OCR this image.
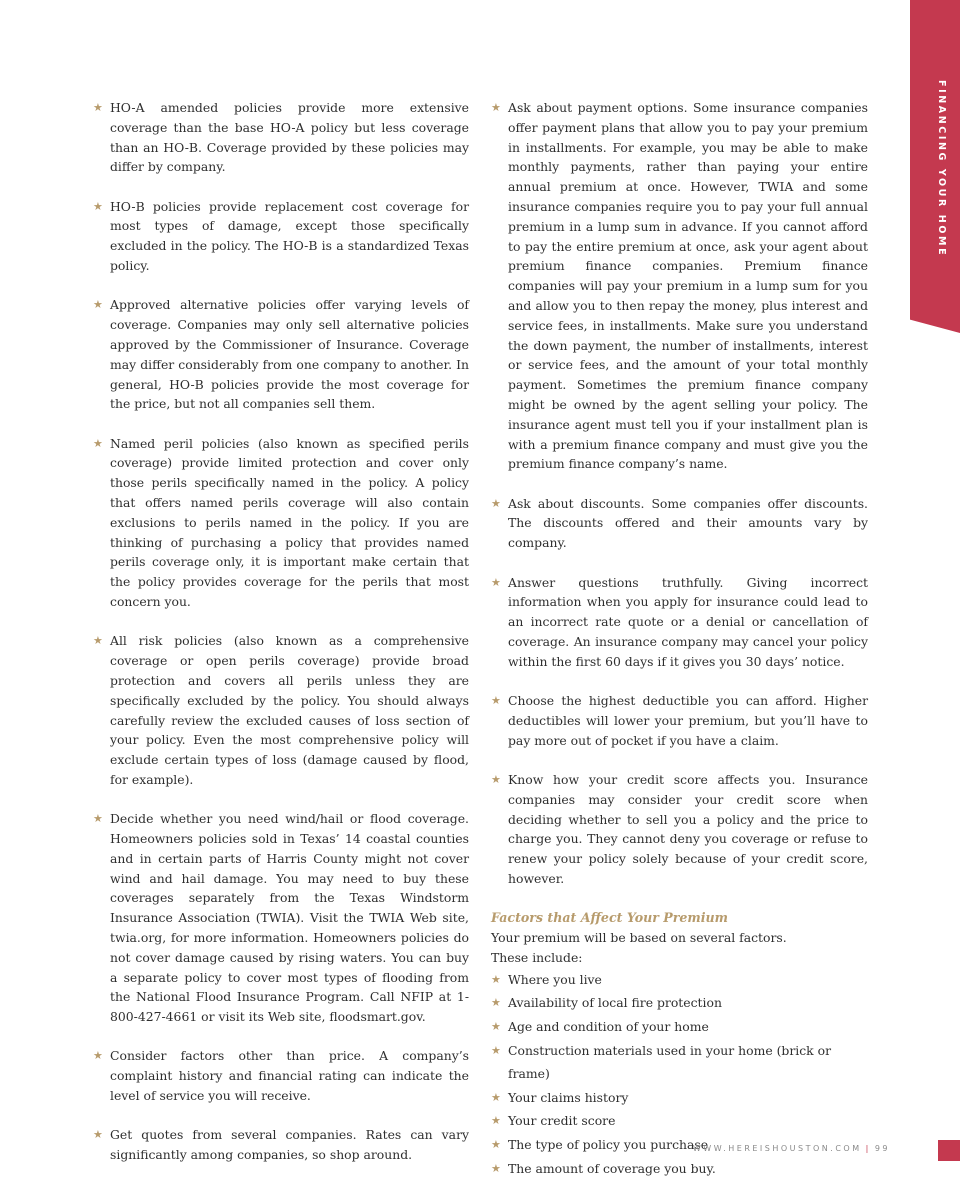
FINANCING YOUR HOME
★ HO-A amended policies provide more extensive coverage than the base HO-A policy but less coverage than an HO-B. Coverage provided by these policies may differ by company.
★ HO-B policies provide replacement cost coverage for most types of damage, except those specifically excluded in the policy. The HO-B is a standardized Texas policy.
★ Approved alternative policies offer varying levels of coverage. Companies may only sell alternative policies approved by the Commissioner of Insurance. Coverage may differ considerably from one company to another. In general, HO-B policies provide the most coverage for the price, but not all companies sell them.
★ Named peril policies (also known as specified perils coverage) provide limited protection and cover only those perils specifically named in the policy. A policy that offers named perils coverage will also contain exclusions to perils named in the policy. If you are thinking of purchasing a policy that provides named perils coverage only, it is important make certain that the policy provides coverage for the perils that most concern you.
★ All risk policies (also known as a comprehensive coverage or open perils coverage) provide broad protection and covers all perils unless they are specifically excluded by the policy. You should always carefully review the excluded causes of loss section of your policy. Even the most comprehensive policy will exclude certain types of loss (damage caused by flood, for example).
★ Decide whether you need wind/hail or flood coverage. Homeowners policies sold in Texas’ 14 coastal counties and in certain parts of Harris County might not cover wind and hail damage. You may need to buy these coverages separately from the Texas Windstorm Insurance Association (TWIA). Visit the TWIA Web site, twia.org, for more information. Homeowners policies do not cover damage caused by rising waters. You can buy a separate policy to cover most types of flooding from the National Flood Insurance Program. Call NFIP at 1-800-427-4661 or visit its Web site, floodsmart.gov.
★ Consider factors other than price. A company’s complaint history and financial rating can indicate the level of service you will receive.
★ Get quotes from several companies. Rates can vary significantly among companies, so shop around.
★ Ask about payment options. Some insurance companies offer payment plans that allow you to pay your premium in installments. For example, you may be able to make monthly payments, rather than paying your entire annual premium at once. However, TWIA and some insurance companies require you to pay your full annual premium in a lump sum in advance. If you cannot afford to pay the entire premium at once, ask your agent about premium finance companies. Premium finance companies will pay your premium in a lump sum for you and allow you to then repay the money, plus interest and service fees, in installments. Make sure you understand the down payment, the number of installments, interest or service fees, and the amount of your total monthly payment. Sometimes the premium finance company might be owned by the agent selling your policy. The insurance agent must tell you if your installment plan is with a premium finance company and must give you the premium finance company’s name.
★ Ask about discounts. Some companies offer discounts. The discounts offered and their amounts vary by company.
★ Answer questions truthfully. Giving incorrect information when you apply for insurance could lead to an incorrect rate quote or a denial or cancellation of coverage. An insurance company may cancel your policy within the first 60 days if it gives you 30 days’ notice.
★ Choose the highest deductible you can afford. Higher deductibles will lower your premium, but you’ll have to pay more out of pocket if you have a claim.
★ Know how your credit score affects you. Insurance companies may consider your credit score when deciding whether to sell you a policy and the price to charge you. They cannot deny you coverage or refuse to renew your policy solely because of your credit score, however.
Factors that Affect Your Premium
Your premium will be based on several factors.
These include:
★ Where you live
★ Availability of local fire protection
★ Age and condition of your home
★ Construction materials used in your home (brick or frame)
★ Your claims history
★ Your credit score
★ The type of policy you purchase
★ The amount of coverage you buy.
WWW.HEREISHOUSTON.COM | 99
